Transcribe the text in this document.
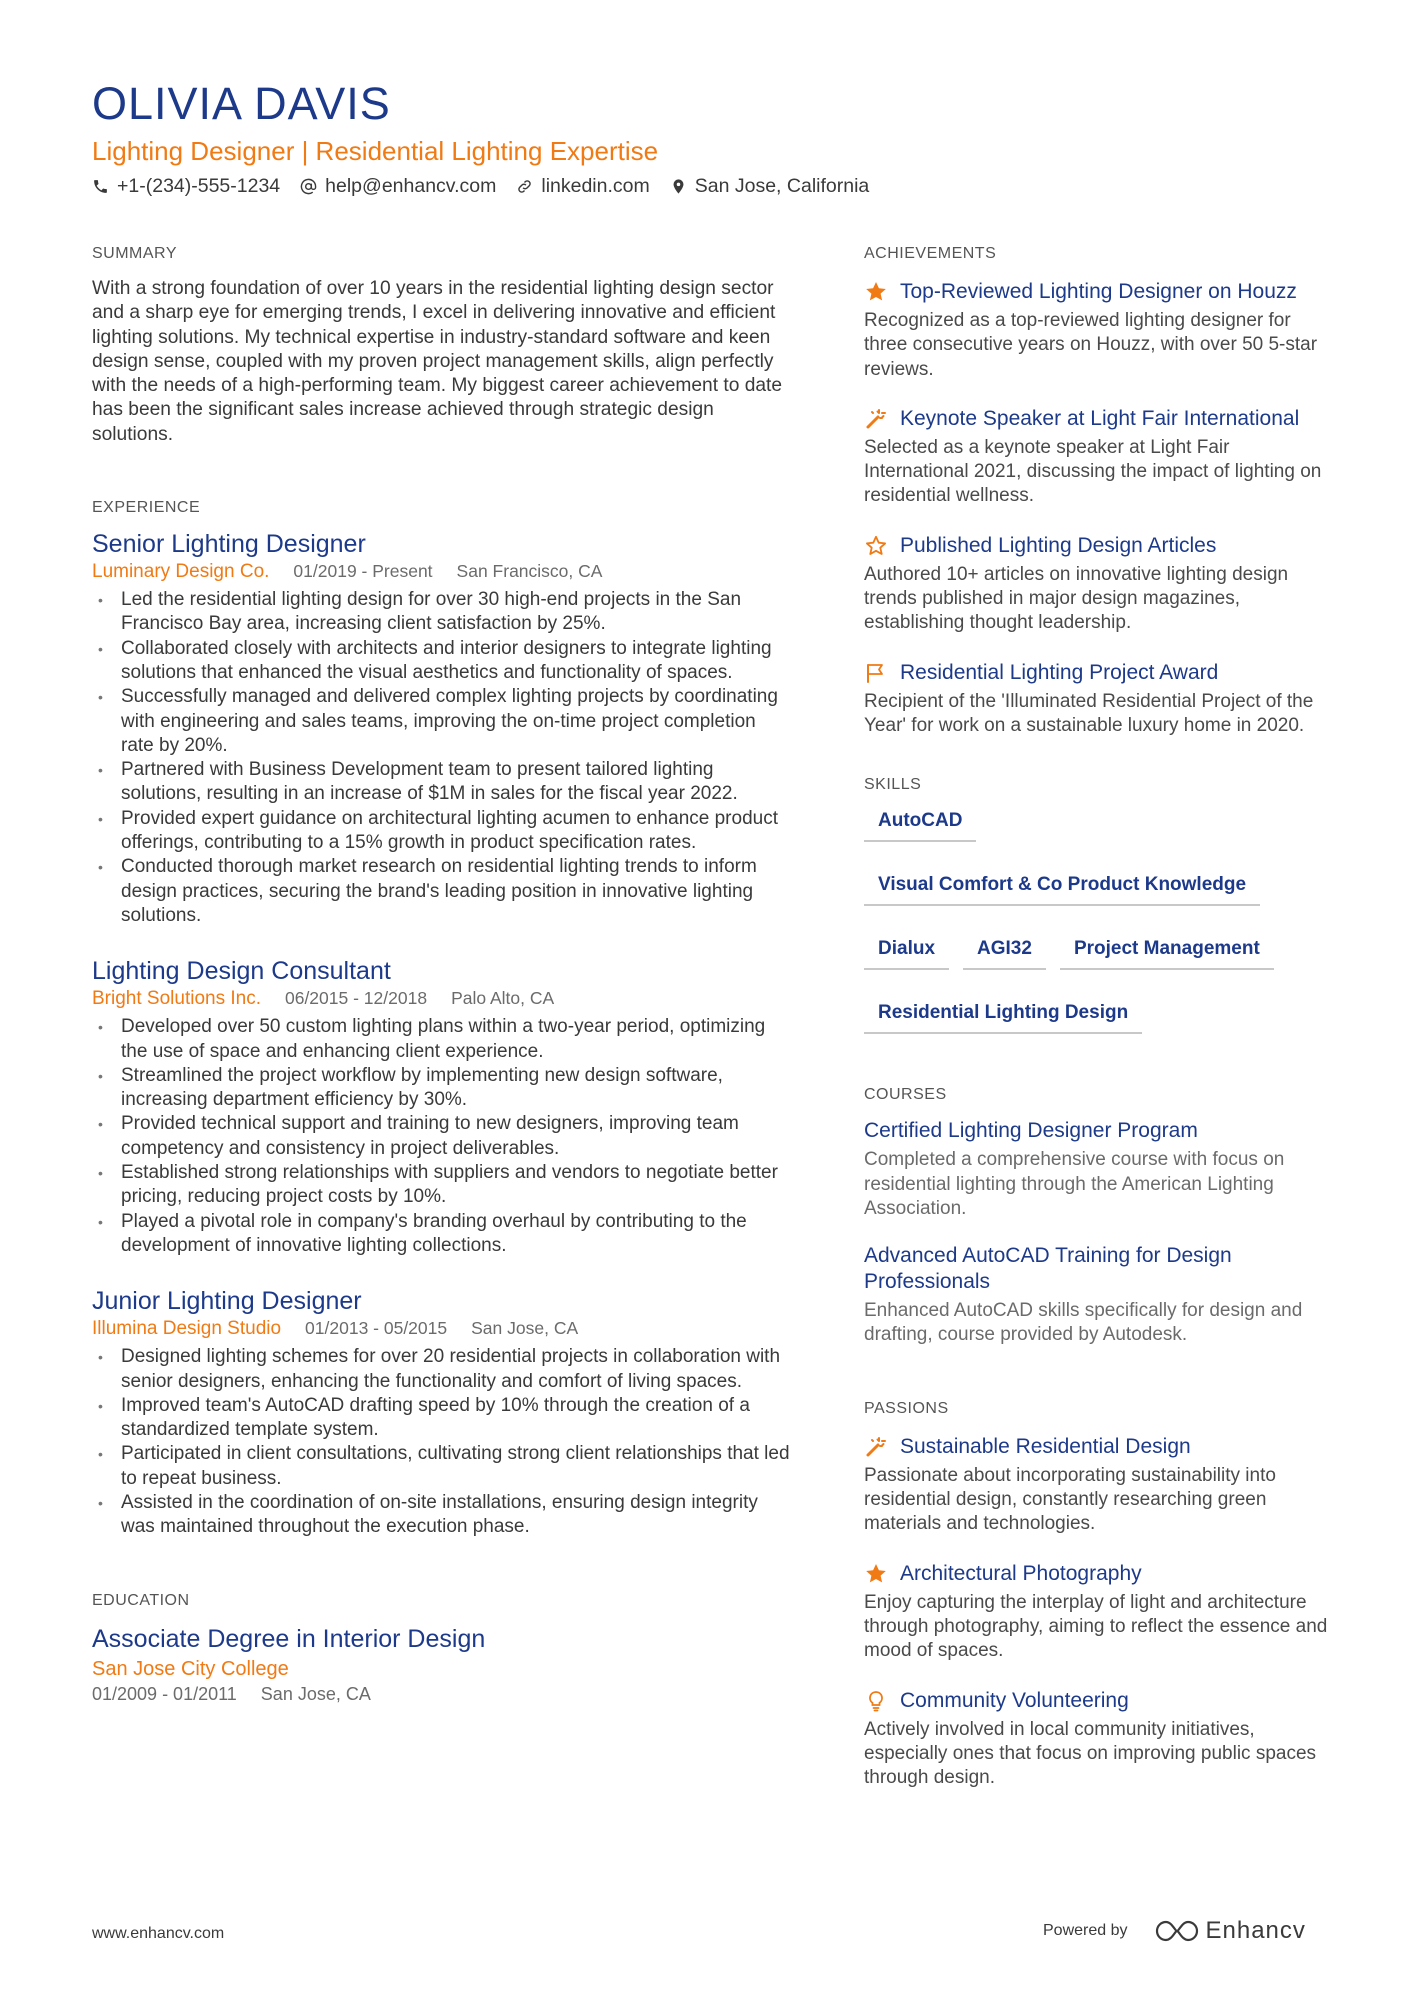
OLIVIA DAVIS
Lighting Designer | Residential Lighting Expertise
+1-(234)-555-1234 help@enhancv.com linkedin.com San Jose, California
SUMMARY

With a strong foundation of over 10 years in the residential lighting design sector and a sharp eye for emerging trends, I excel in delivering innovative and efficient lighting solutions. My technical expertise in industry-standard software and keen design sense, coupled with my proven project management skills, align perfectly with the needs of a high-performing team. My biggest career achievement to date has been the significant sales increase achieved through strategic design solutions.

EXPERIENCE
Senior Lighting Designer
Luminary Design Co. 01/2019 - Present San Francisco, CA
• Led the residential lighting design for over 30 high-end projects in the San Francisco Bay area, increasing client satisfaction by 25%.
• Collaborated closely with architects and interior designers to integrate lighting solutions that enhanced the visual aesthetics and functionality of spaces.
• Successfully managed and delivered complex lighting projects by coordinating with engineering and sales teams, improving the on-time project completion rate by 20%.
• Partnered with Business Development team to present tailored lighting solutions, resulting in an increase of $1M in sales for the fiscal year 2022.
• Provided expert guidance on architectural lighting acumen to enhance product offerings, contributing to a 15% growth in product specification rates.
• Conducted thorough market research on residential lighting trends to inform design practices, securing the brand's leading position in innovative lighting solutions.
Lighting Design Consultant
Bright Solutions Inc. 06/2015 - 12/2018 Palo Alto, CA
• Developed over 50 custom lighting plans within a two-year period, optimizing the use of space and enhancing client experience.
• Streamlined the project workflow by implementing new design software, increasing department efficiency by 30%.
• Provided technical support and training to new designers, improving team competency and consistency in project deliverables.
• Established strong relationships with suppliers and vendors to negotiate better pricing, reducing project costs by 10%.
• Played a pivotal role in company's branding overhaul by contributing to the development of innovative lighting collections.
Junior Lighting Designer
Illumina Design Studio 01/2013 - 05/2015 San Jose, CA
• Designed lighting schemes for over 20 residential projects in collaboration with senior designers, enhancing the functionality and comfort of living spaces.
• Improved team's AutoCAD drafting speed by 10% through the creation of a standardized template system.
• Participated in client consultations, cultivating strong client relationships that led to repeat business.
• Assisted in the coordination of on-site installations, ensuring design integrity was maintained throughout the execution phase.
EDUCATION
Associate Degree in Interior Design
San Jose City College
01/2009 - 01/2011 San Jose, CA
ACHIEVEMENTS
Top-Reviewed Lighting Designer on Houzz
Recognized as a top-reviewed lighting designer for three consecutive years on Houzz, with over 50 5-star reviews.
Keynote Speaker at Light Fair International
Selected as a keynote speaker at Light Fair International 2021, discussing the impact of lighting on residential wellness.
Published Lighting Design Articles
Authored 10+ articles on innovative lighting design trends published in major design magazines, establishing thought leadership.
Residential Lighting Project Award
Recipient of the 'Illuminated Residential Project of the Year' for work on a sustainable luxury home in 2020.
SKILLS
AutoCAD
Visual Comfort & Co Product Knowledge
Dialux	AGI32	Project Management
Residential Lighting Design
COURSES
Certified Lighting Designer Program
Completed a comprehensive course with focus on residential lighting through the American Lighting Association.
Advanced AutoCAD Training for Design Professionals
Enhanced AutoCAD skills specifically for design and drafting, course provided by Autodesk.
PASSIONS
Sustainable Residential Design
Passionate about incorporating sustainability into residential design, constantly researching green materials and technologies.
Architectural Photography
Enjoy capturing the interplay of light and architecture through photography, aiming to reflect the essence and mood of spaces.
Community Volunteering
Actively involved in local community initiatives, especially ones that focus on improving public spaces through design.
www.enhancv.com	Powered by	Enhancv
